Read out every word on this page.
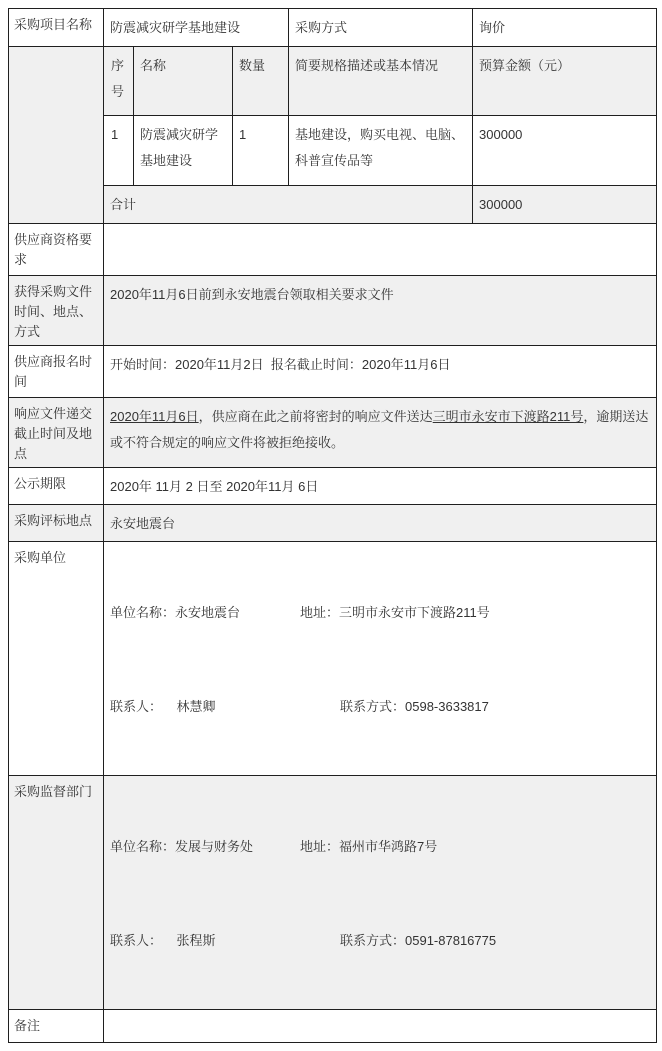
采购项目名称	防震减灾研学基地建设			采购方式	询价
	序号	名称	数量	简要规格描述或基本情况	预算金额（元）
	1	防震减灾研学基地建设	1	基地建设，购买电视、电脑、科普宣传品等	300000
	合计				300000
供应商资格要求					
获得采购文件时间、地点、方式	2020年11月6日前到永安地震台领取相关要求文件				
供应商报名时间	开始时间：2020年11月2日  报名截止时间：2020年11月6日				
响应文件递交截止时间及地点	2020年11月6日，供应商在此之前将密封的响应文件送达三明市永安市下渡路211号，逾期送达或不符合规定的响应文件将被拒绝接收。				
公示期限	2020年 11月 2 日至 2020年11月 6日				
采购评标地点	永安地震台				
采购单位	单位名称：永安地震台 地址：三明市永安市下渡路211号

联系人：    林慧卿 联系方式：0598-3633817				

采购监督部门	单位名称：发展与财务处 地址：福州市华鸿路7号

联系人：    张程斯 联系方式：0591-87816775				

备注					
